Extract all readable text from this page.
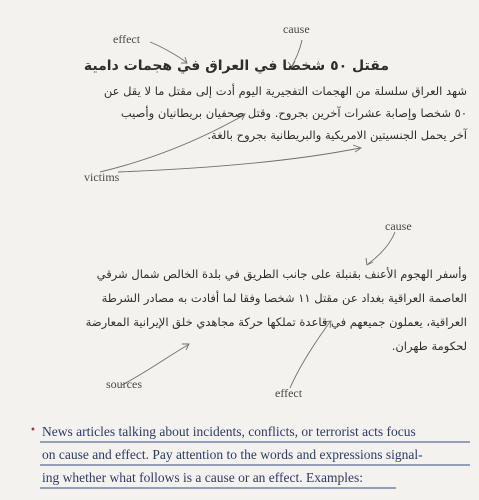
cause
effect
victims
cause
sources
effect
مقتل ٥٠ شخصا في العراق في هجمات دامية
شهد العراق سلسلة من الهجمات التفجيرية اليوم أدت إلى مقتل ما لا يقل عن
٥٠ شخصا وإصابة عشرات آخرين بجروح. وقتل صحفيان بريطانيان وأصيب
آخر يحمل الجنسيتين الامريكية والبريطانية بجروح بالغة.
وأسفر الهجوم الأعنف بقنبلة على جانب الطريق في بلدة الخالص شمال شرقي
العاصمة العراقية بغداد عن مقتل ١١ شخصا وفقا لما أفادت به مصادر الشرطة
العراقية، يعملون جميعهم في قاعدة تملكها حركة مجاهدي خلق الإيرانية المعارضة
لحكومة طهران.
• News articles talking about incidents, conflicts, or terrorist acts focus
on cause and effect. Pay attention to the words and expressions signal-
ing whether what follows is a cause or an effect. Examples:
